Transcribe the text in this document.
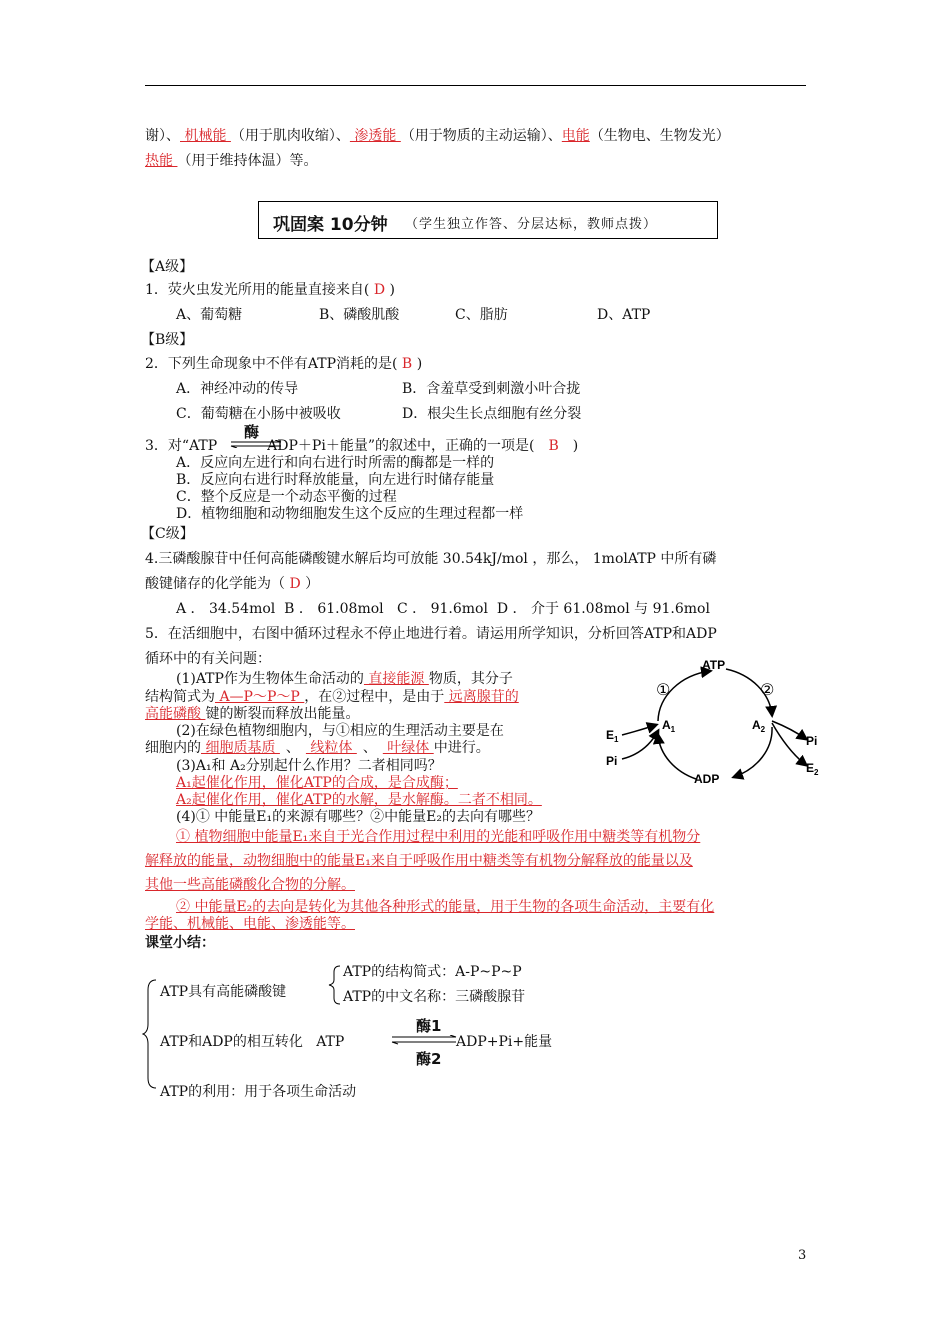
谢）、 机械能 （用于肌肉收缩）、 渗透能 （用于物质的主动运输）、电能（生物电、生物发光）
热能 （用于维持体温）等。
巩固案 10分钟 （学生独立作答、分层达标，教师点拨）
【A级】
1．荧火虫发光所用的能量直接来自( D )
A、葡萄糖	B、磷酸肌酸	C、脂肪	D、ATP
【B级】
2．下列生命现象中不伴有ATP消耗的是( B )
A．神经冲动的传导	B．含羞草受到刺激小叶合拢
C．葡萄糖在小肠中被吸收	D．根尖生长点细胞有丝分裂
3．对“ATP	ADP＋Pi＋能量”的叙述中，正确的一项是( B )
酶
A．反应向左进行和向右进行时所需的酶都是一样的
B．反应向右进行时释放能量，向左进行时储存能量
C．整个反应是一个动态平衡的过程
D．植物细胞和动物细胞发生这个反应的生理过程都一样
【C级】
4.三磷酸腺苷中任何高能磷酸键水解后均可放能 30.54kJ/mol ，那么， 1molATP 中所有磷
酸键储存的化学能为（ D ）
A ． 34.54mol  B ． 61.08mol   C ． 91.6mol  D ． 介于 61.08mol 与 91.6mol
5．在活细胞中，右图中循环过程永不停止地进行着。请运用所学知识，分析回答ATP和ADP
循环中的有关问题：
(1)ATP作为生物体生命活动的 直接能源 物质，其分子
结构简式为 A—P～P～P ，在②过程中，是由于 远离腺苷的
高能磷酸 键的断裂而释放出能量。
(2)在绿色植物细胞内，与①相应的生理活动主要是在
细胞内的 细胞质基质 、 线粒体 、 叶绿体 中进行。
(3)A₁和 A₂分别起什么作用？二者相同吗？
A₁起催化作用，催化ATP的合成，是合成酶；
A₂起催化作用，催化ATP的水解，是水解酶。二者不相同。
(4)① 中能量E₁的来源有哪些？②中能量E₂的去向有哪些？
① 植物细胞中能量E₁来自于光合作用过程中利用的光能和呼吸作用中糖类等有机物分
解释放的能量，动物细胞中的能量E₁来自于呼吸作用中糖类等有机物分解释放的能量以及
其他一些高能磷酸化合物的分解。
② 中能量E₂的去向是转化为其他各种形式的能量，用于生物的各项生命活动，主要有化
学能、机械能、电能、渗透能等。
ATP
ADP
①	②
$A_1$	$A_2$
$E_1$
Pi
Pi
$E_2$
课堂小结：
ATP具有高能磷酸键
ATP的结构简式：A-P~P~P
ATP的中文名称：三磷酸腺苷
ATP和ADP的相互转化   ATP
酶1
酶2
ADP+Pi+能量
ATP的利用：用于各项生命活动
3
